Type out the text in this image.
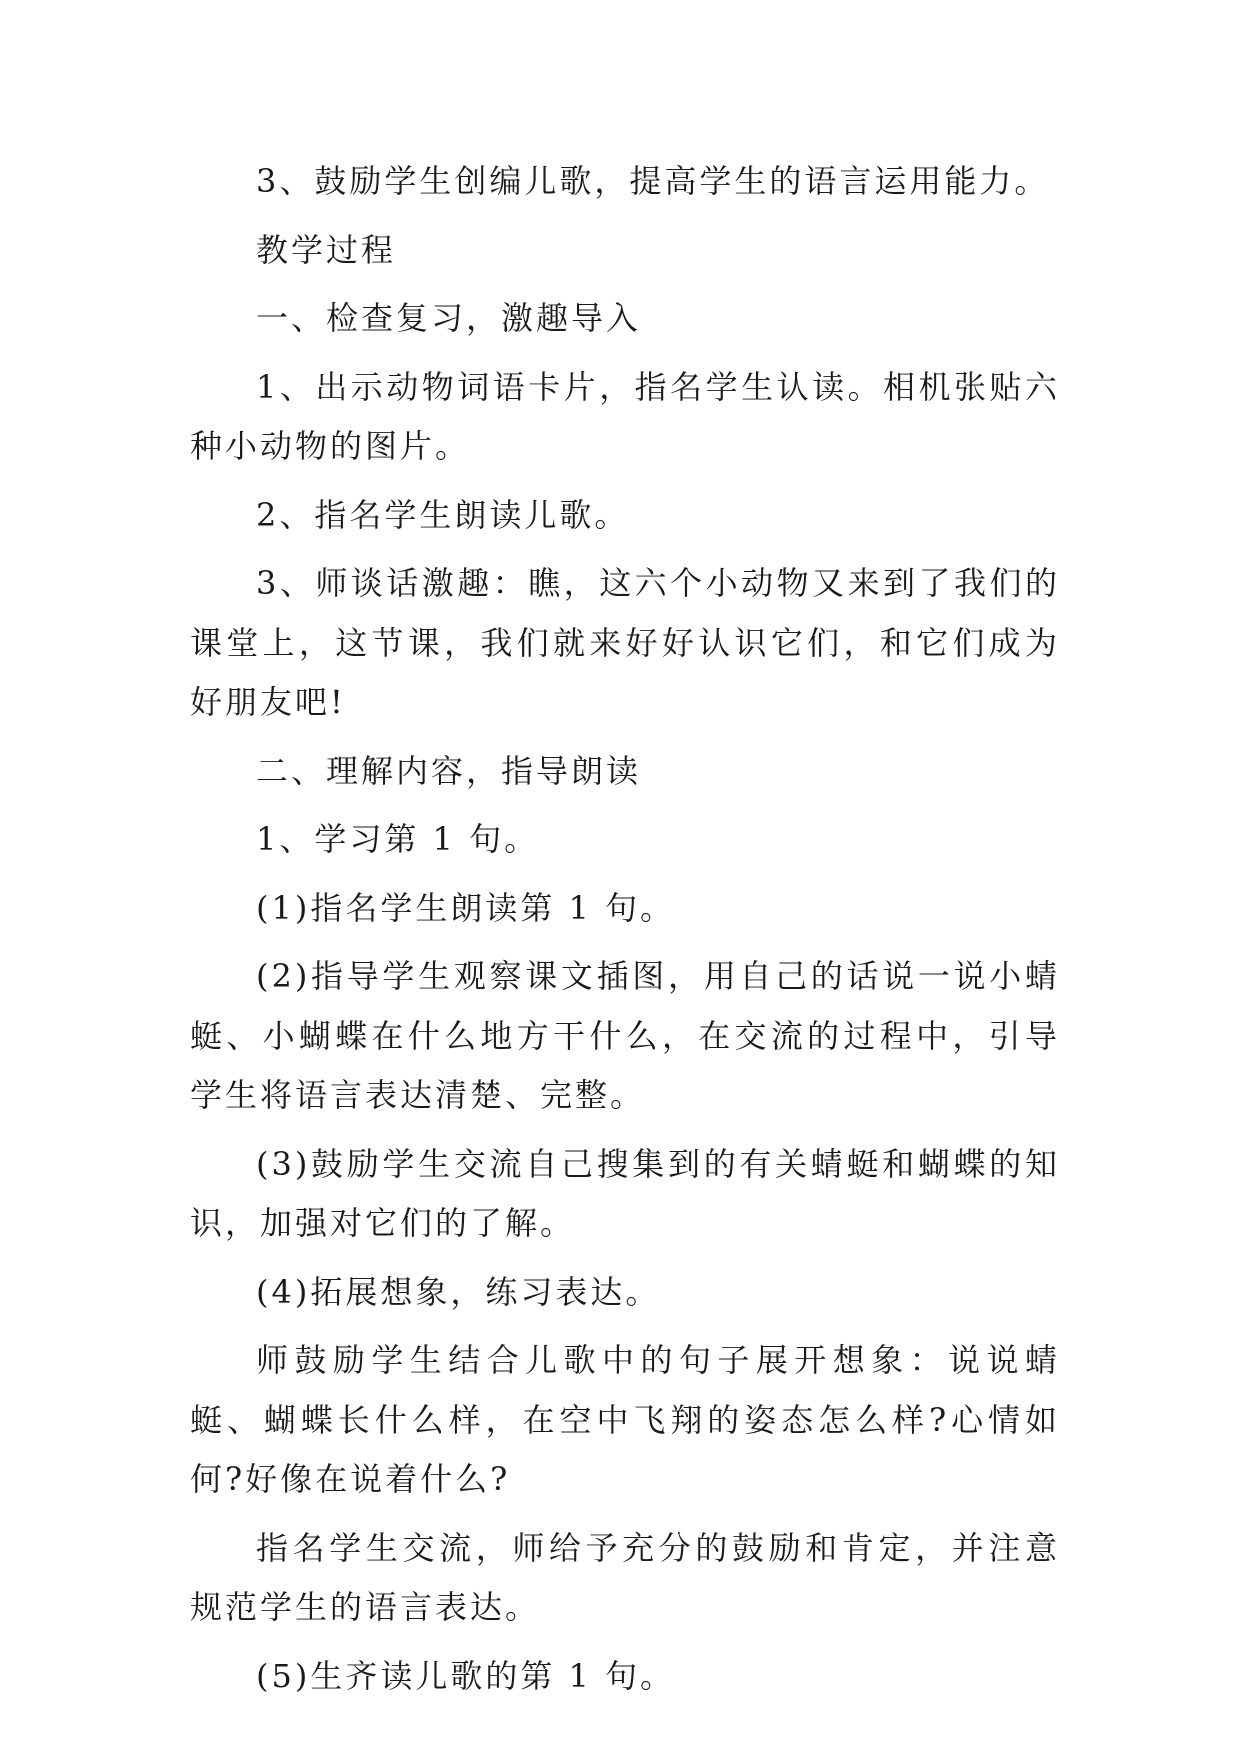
3、鼓励学生创编儿歌，提高学生的语言运用能力。

教学过程

一、检查复习，激趣导入

1、出示动物词语卡片，指名学生认读。相机张贴六种小动物的图片。

2、指名学生朗读儿歌。

3、师谈话激趣：瞧，这六个小动物又来到了我们的课堂上，这节课，我们就来好好认识它们，和它们成为好朋友吧!

二、理解内容，指导朗读

1、学习第 1 句。

(1)指名学生朗读第 1 句。

(2)指导学生观察课文插图，用自己的话说一说小蜻蜓、小蝴蝶在什么地方干什么，在交流的过程中，引导学生将语言表达清楚、完整。

(3)鼓励学生交流自己搜集到的有关蜻蜓和蝴蝶的知识，加强对它们的了解。

(4)拓展想象，练习表达。

师鼓励学生结合儿歌中的句子展开想象：说说蜻蜓、蝴蝶长什么样，在空中飞翔的姿态怎么样?心情如何?好像在说着什么?

指名学生交流，师给予充分的鼓励和肯定，并注意规范学生的语言表达。

(5)生齐读儿歌的第 1 句。
